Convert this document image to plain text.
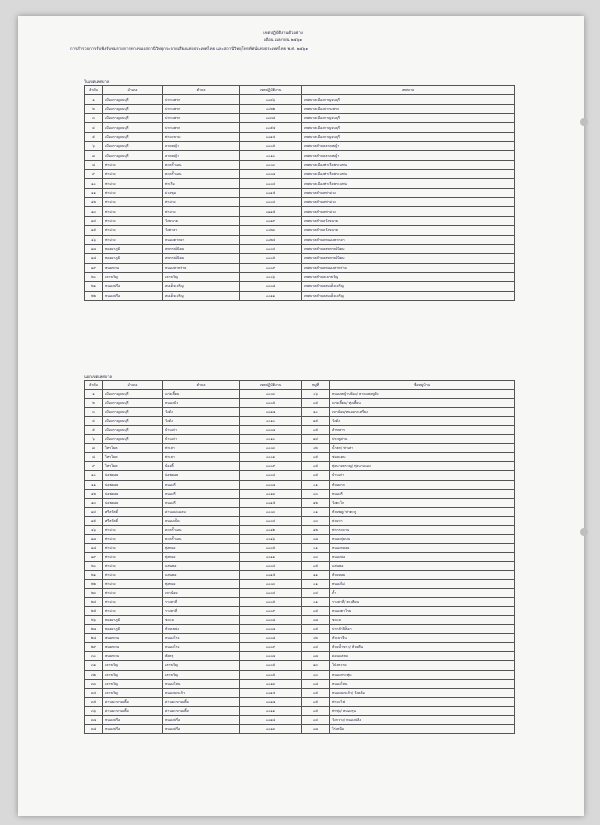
เขตปฏิบัติงานตัวอย่าง
เดือน เมษายน ๒๕๖๑
การสำรวจการรับฟังรับชมรายการทางของสถานีวิทยุกระจายเสียงแห่งประเทศไทย และสถานีวิทยุโทรทัศน์แห่งประเทศไทย พ.ศ. ๒๕๖๑
ในเขตเทศบาล
ลำดับ	อำเภอ	ตำบล	เขตปฏิบัติงาน	เทศบาล
๑	เมืองกาญจนบุรี	ปากแพรก	๐๐๔๖	เทศบาลเมืองกาญจนบุรี
๒	เมืองกาญจนบุรี	ปากแพรก	๐๐๒๒	เทศบาลเมืองปากแพรก
๓	เมืองกาญจนบุรี	ปากแพรก	๐๐๓๔	เทศบาลเมืองกาญจนบุรี
๔	เมืองกาญจนบุรี	ปากแพรก	๐๐๕๔	เทศบาลเมืองกาญจนบุรี
๕	เมืองกาญจนบุรี	ท่ามะขาม	๐๐๑๔	เทศบาลเมืองกาญจนบุรี
๖	เมืองกาญจนบุรี	ลาดหญ้า	๐๐๐๕	เทศบาลตำบลลาดหญ้า
๗	เมืองกาญจนบุรี	ลาดหญ้า	๐๐๑๐	เทศบาลตำบลลาดหญ้า
๘	ท่าม่วง	ตะคร้ำเอน	๐๐๐๓	เทศบาลเมืองท่าเรือพระแท่น
๙	ท่าม่วง	ตะคร้ำเอน	๐๐๐๗	เทศบาลเมืองท่าเรือพระแท่น
๑๐	ท่าม่วง	ท่าเรือ	๐๐๐๔	เทศบาลเมืองท่าเรือพระแท่น
๑๑	ท่าม่วง	ม่วงชุม	๐๐๑๕	เทศบาลตำบลท่าม่วง
๑๒	ท่าม่วง	ท่าม่วง	๐๐๐๔	เทศบาลตำบลท่าม่วง
๑๓	ท่าม่วง	ท่าม่วง	๐๑๑๕	เทศบาลตำบลท่าม่วง
๑๔	ท่าม่วง	วังขนาย	๐๐๑๙	เทศบาลตำบลวังขนาย
๑๕	ท่าม่วง	วังศาลา	๐๐๒๓	เทศบาลตำบลวังขนาย
๑๖	ท่าม่วง	หนองตากยา	๐๐๒๔	เทศบาลตำบลหนองตากยา
๑๗	ทองผาภูมิ	สหกรณ์นิคม	๐๐๐๔	เทศบาลตำบลสหกรณ์นิคม
๑๘	ทองผาภูมิ	สหกรณ์นิคม	๐๐๐๕	เทศบาลตำบลสหกรณ์นิคม
๑๙	พนมทวน	หนองสาหร่าย	๐๐๐๙	เทศบาลตำบลหนองสาหร่าย
๒๐	เลาขวัญ	เลาขวัญ	๐๐๐๖	เทศบาลตำบลเลาขวัญ
๒๑	หนองปรือ	สมเด็จเจริญ	๐๐๐๘	เทศบาลตำบลสมเด็จเจริญ
๒๒	หนองปรือ	สมเด็จเจริญ	๐๐๑๑	เทศบาลตำบลสมเด็จเจริญ
นอกเขตเทศบาล
ลำดับ	อำเภอ	ตำบล	เขตปฏิบัติงาน	หมู่ที่	ชื่อหมู่บ้าน
๑	เมืองกาญจนบุรี	แก่งเสี้ยน	๐๐๐๓	๐๖	หนองหญ้าปล้อง/ หาดแพงหูดิง
๒	เมืองกาญจนบุรี	หนองบัว	๐๐๐๕	๐๕	แก่งเสี้ยน/ ทุ่งเสี้ยน
๓	เมืองกาญจนบุรี	วังด้ง	๐๐๑๗	๑๐	เขาน้อย/หนองกะเหรี่ยง
๔	เมืองกาญจนบุรี	วังด้ง	๐๐๑๐	๑๕	วังด้ง
๕	เมืองกาญจนบุรี	บ้านเก่า	๐๐๐๗	๐๕	ลำทหาร
๖	เมืองกาญจนบุรี	บ้านเก่า	๐๐๑๐	๑๔	ประตูด่าน
๗	ไทรโยค	ท่าเสา	๐๐๐๓	๐๒	น้ำตก/ ท่าเสา
๘	ไทรโยค	ท่าเสา	๐๐๐๑	๐๕	ช่องแคบ
๙	ไทรโยค	บ้องตี้	๐๐๐๙	๐๕	ทุ่งนางครวญ/ ทุ่งนางแอง
๑๐	บ่อพลอย	บ่อพลอย	๐๐๐๔	๐๕	บ้านเก่า
๑๑	บ่อพลอย	หนองรี	๐๐๐๗	๐๑	ห้วยผาก
๑๒	บ่อพลอย	หนองรี	๐๐๑๓	๐๓	หนองรี
๑๓	บ่อพลอย	หนองรี	๐๐๑๕	๑๒	วังตะโก
๑๔	ศรีสวัสดิ์	ด่านแม่แฉลบ	๐๐๐๓	๐๑	ห้วยพลู/ ท่าตะกู
๑๕	ศรีสวัสดิ์	หนองเป็ด	๐๐๐๔	๐๓	ห่วยวา
๑๖	ท่าม่วง	ตะคร้ำเอน	๐๐๑๒	๑๒	ท่ากระดาน
๑๗	ท่าม่วง	ตะคร้ำเอน	๐๐๑๖	๐๗	หนองกุ่มบน
๑๘	ท่าม่วง	ทุ่งทอง	๐๐๐๕	๐๑	หนองกลอย
๑๙	ท่าม่วง	ทุ่งทอง	๐๐๑๑	๐๓	หนองบ่อ
๒๐	ท่าม่วง	แสนตอ	๐๐๐๔	๐๕	แสนตอ
๒๑	ท่าม่วง	แสนตอ	๐๐๑๕	๑๑	ห้วยหอย
๒๒	ท่าม่วง	ทุ่งทอง	๐๐๐๓	๐๑	หนองไผ่
๒๓	ท่าม่วง	เขาน้อย	๐๐๐๔	๐๔	ถ้ำ
๒๔	ท่าม่วง	รางสาลี่	๐๐๐๕	๐๑	รางสาลี่/ ตะเคียน
๒๕	ท่าม่วง	รางสาลี่	๐๐๐๙	๐๕	หนองตาโรย
๒๖	ทองผาภูมิ	ชะแล	๐๐๐๘	๐๗	ชะแล
๒๗	ทองผาภูมิ	ห้วยเขย่ง	๐๐๐๗	๐๕	ปากลำปิล็อก
๒๘	พนมทวน	หนองโรง	๐๐๐๘	๐๒	หัวเขาจีน
๒๙	พนมทวน	หนองโรง	๐๐๐๙	๐๔	ห้วยน้ำขาว/ ห้วยตีน
๓๐	พนมทวน	พังตรุ	๐๐๐๗	๐๗	ดอนแสลบ
๓๑	เลาขวัญ	เลาขวัญ	๐๐๐๕	๑๓	โป่งหวาย
๓๒	เลาขวัญ	เลาขวัญ	๐๐๐๕	๐๓	หนองกระทุ่ม
๓๓	เลาขวัญ	หนองโสน	๐๐๑๓	๐๘	หนองโสน
๓๔	เลาขวัญ	หนองนกแก้ว	๐๐๑๔	๐๕	หนองนกแก้ว/ วังคล้อ
๓๕	ด่านมะขามเตี้ย	ด่านมะขามเตี้ย	๐๐๑๗	๐๕	ท่ามะไฟ
๓๖	ด่านมะขามเตี้ย	ด่านมะขามเตี้ย	๐๐๑๑	๐๕	ท่าทุ่ง/ หนองรุน
๓๗	หนองปรือ	หนองปรือ	๐๐๑๘	๐๔	วังกวาง/ หนองปลิง
๓๘	หนองปรือ	หนองปรือ	๐๐๑๓	๐๗	ไร่เหนือ
